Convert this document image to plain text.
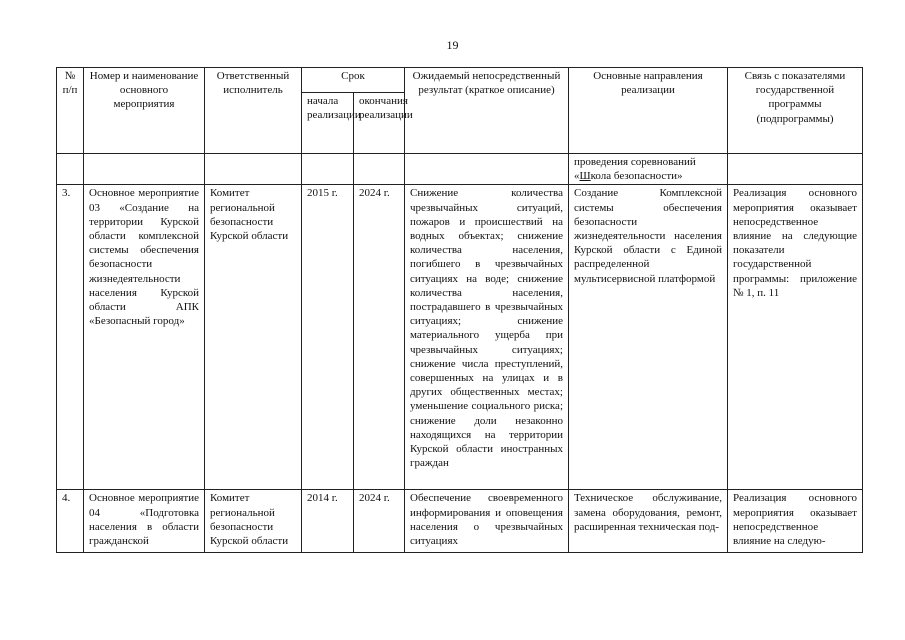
19
№ п/п	Номер и наименование основного мероприятия	Ответственный исполнитель	Срок		Ожидаемый непосредственный результат (краткое описание)	Основные направления реализации	Связь с показателями государственной программы (подпрограммы)
			начала реализации	окончания реализации			
						проведения соревнований «Школа безопасности»	
3.	Основное мероприятие 03 «Создание на территории Курской области комплексной системы обеспечения безопасности жизнедеятельности населения Курской области АПК «Безопасный город»	Комитет региональной безопасности Курской области	2015 г.	2024 г.	Снижение количества чрезвычайных ситуаций, пожаров и происшествий на водных объектах; снижение количества населения, погибшего в чрезвычайных ситуациях на воде; снижение количества населения, пострадавшего в чрезвычайных ситуациях; снижение материального ущерба при чрезвычайных ситуациях; снижение числа преступлений, совершенных на улицах и в других общественных местах; уменьшение социального риска; снижение доли незаконно находящихся на территории Курской области иностранных граждан	Создание Комплексной системы обеспечения безопасности жизнедеятельности населения Курской области с Единой распределенной мультисервисной платформой	Реализация основного мероприятия оказывает непосредственное влияние на следующие показатели государственной программы: приложение № 1, п. 11
4.	Основное мероприятие 04 «Подготовка населения в области гражданской	Комитет региональной безопасности Курской области	2014 г.	2024 г.	Обеспечение своевременного информирования и оповещения населения о чрезвычайных ситуациях	Техническое обслуживание, замена оборудования, ремонт, расширенная техническая под-	Реализация основного мероприятия оказывает непосредственное влияние на следую-
